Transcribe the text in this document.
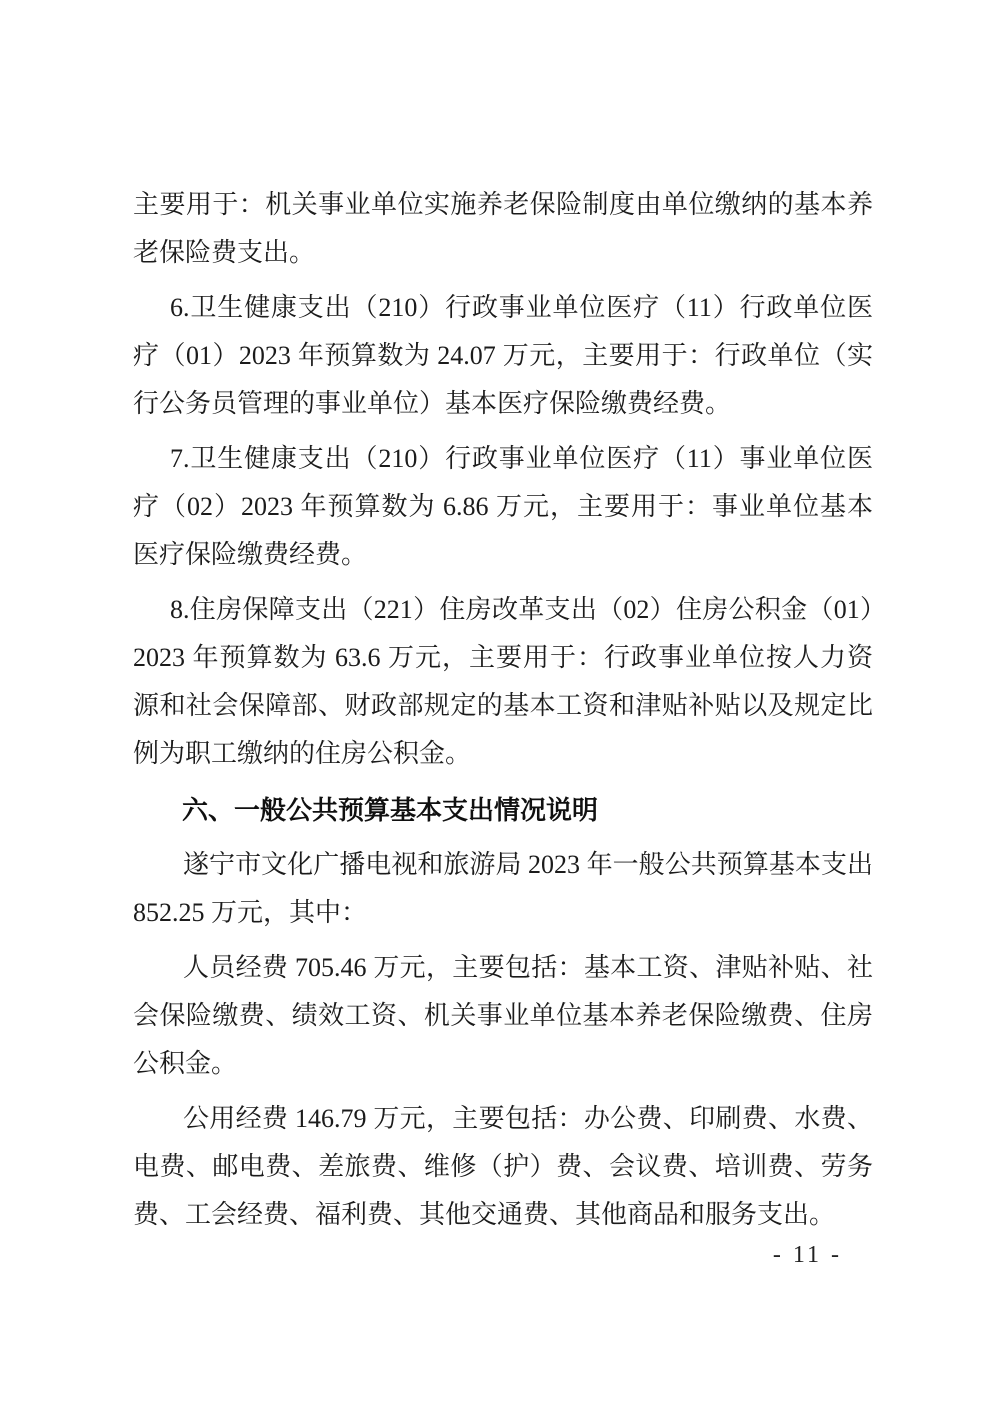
主要用于：机关事业单位实施养老保险制度由单位缴纳的基本养老保险费支出。

6.卫生健康支出（210）行政事业单位医疗（11）行政单位医疗（01）2023 年预算数为 24.07 万元，主要用于：行政单位（实行公务员管理的事业单位）基本医疗保险缴费经费。

7.卫生健康支出（210）行政事业单位医疗（11）事业单位医疗（02）2023 年预算数为 6.86 万元，主要用于：事业单位基本医疗保险缴费经费。

8.住房保障支出（221）住房改革支出（02）住房公积金（01）2023 年预算数为 63.6 万元，主要用于：行政事业单位按人力资源和社会保障部、财政部规定的基本工资和津贴补贴以及规定比例为职工缴纳的住房公积金。

六、一般公共预算基本支出情况说明

遂宁市文化广播电视和旅游局 2023 年一般公共预算基本支出 852.25 万元，其中：

人员经费 705.46 万元，主要包括：基本工资、津贴补贴、社会保险缴费、绩效工资、机关事业单位基本养老保险缴费、住房公积金。

公用经费 146.79 万元，主要包括：办公费、印刷费、水费、电费、邮电费、差旅费、维修（护）费、会议费、培训费、劳务费、工会经费、福利费、其他交通费、其他商品和服务支出。

- 11 -
